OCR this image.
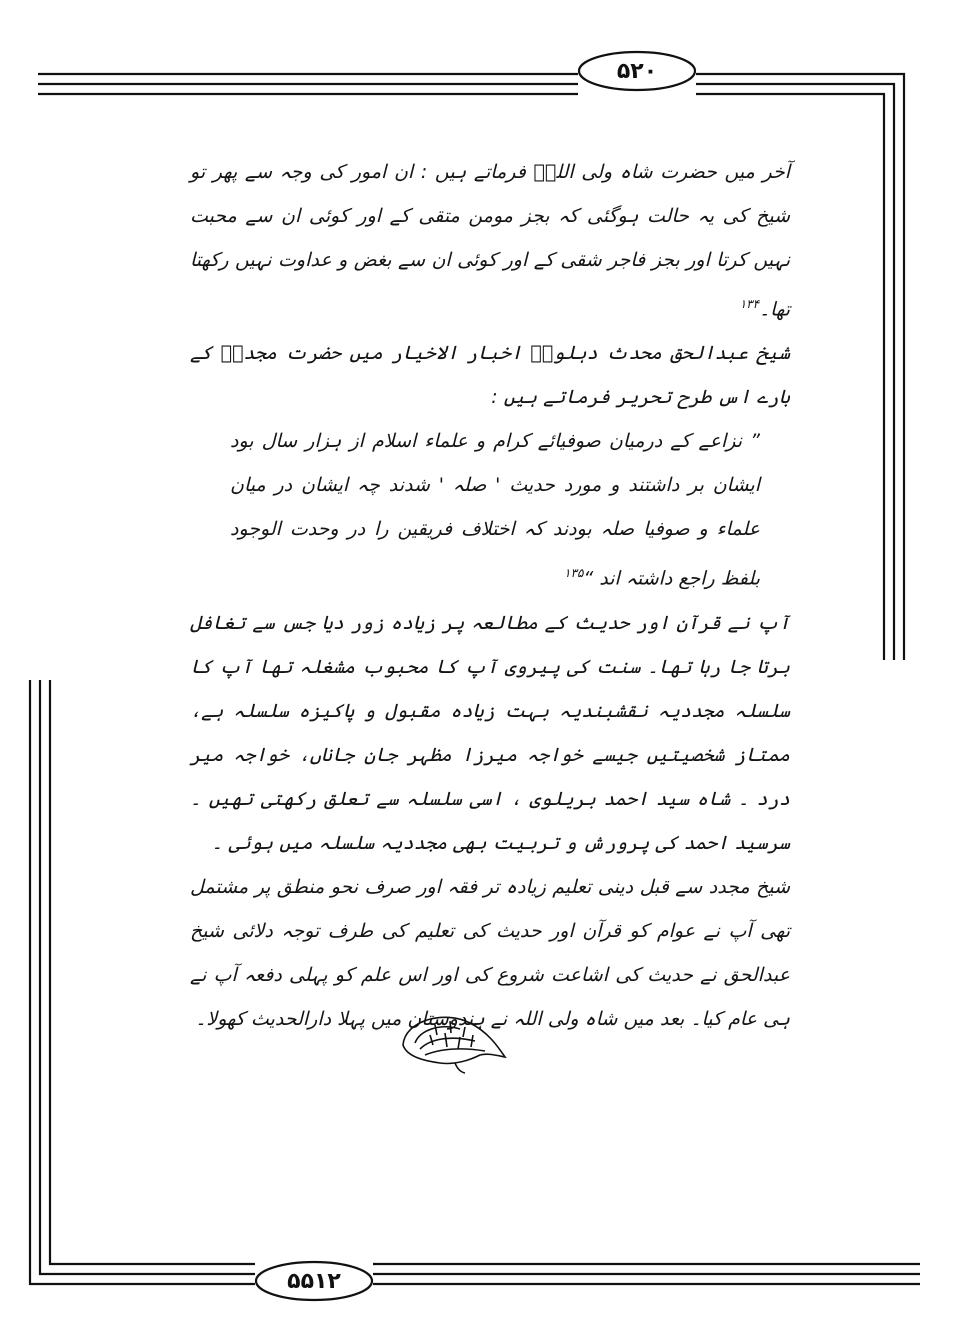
۵۲۰
۵۵۱۲

آخر میں حضرت شاہ ولی اللہؒ فرماتے ہیں : ان امور کی وجہ سے پھر تو شیخ کی یہ حالت ہوگئی کہ بجز مومن متقی کے اور کوئی ان سے محبت نہیں کرتا اور بجز فاجر شقی کے اور کوئی ان سے بغض و عداوت نہیں رکھتا تھا۔$^{۱۳۴}$

شیخ عبدالحق محدث دہلویؒ اخبار الاخیار میں حضرت مجددؒ کے بارے اس طرح تحریر فرماتے ہیں :

” نزاعے کے درمیان صوفیائے کرام و علماء اسلام از ہزار سال بود ایشان بر داشتند و مورد حدیث ' صلہ ' شدند چہ ایشان در میان علماء و صوفیا صلہ بودند کہ اختلاف فریقین را در وحدت الوجود بلفظ راجع داشتہ اند “$^{۱۳۵}$

آپ نے قرآن اور حدیث کے مطالعہ پر زیادہ زور دیا جس سے تغافل برتا جا رہا تھا۔ سنت کی پیروی آپ کا محبوب مشغلہ تھا آپ کا سلسلہ مجددیہ نقشبندیہ بہت زیادہ مقبول و پاکیزہ سلسلہ ہے، ممتاز شخصیتیں جیسے خواجہ میرزا مظہر جان جاناں، خواجہ میر درد ۔ شاہ سید احمد بریلوی ، اسی سلسلہ سے تعلق رکھتی تھیں ۔ سرسید احمد کی پرورش و تربیت بھی مجددیہ سلسلہ میں ہوئی ۔

شیخ مجدد سے قبل دینی تعلیم زیادہ تر فقہ اور صرف نحو منطق پر مشتمل تھی آپ نے عوام کو قرآن اور حدیث کی تعلیم کی طرف توجہ دلائی شیخ عبدالحق نے حدیث کی اشاعت شروع کی اور اس علم کو پہلی دفعہ آپ نے ہی عام کیا۔ بعد میں شاہ ولی اللہ نے ہندوستان میں پہلا دارالحدیث کھولا۔
